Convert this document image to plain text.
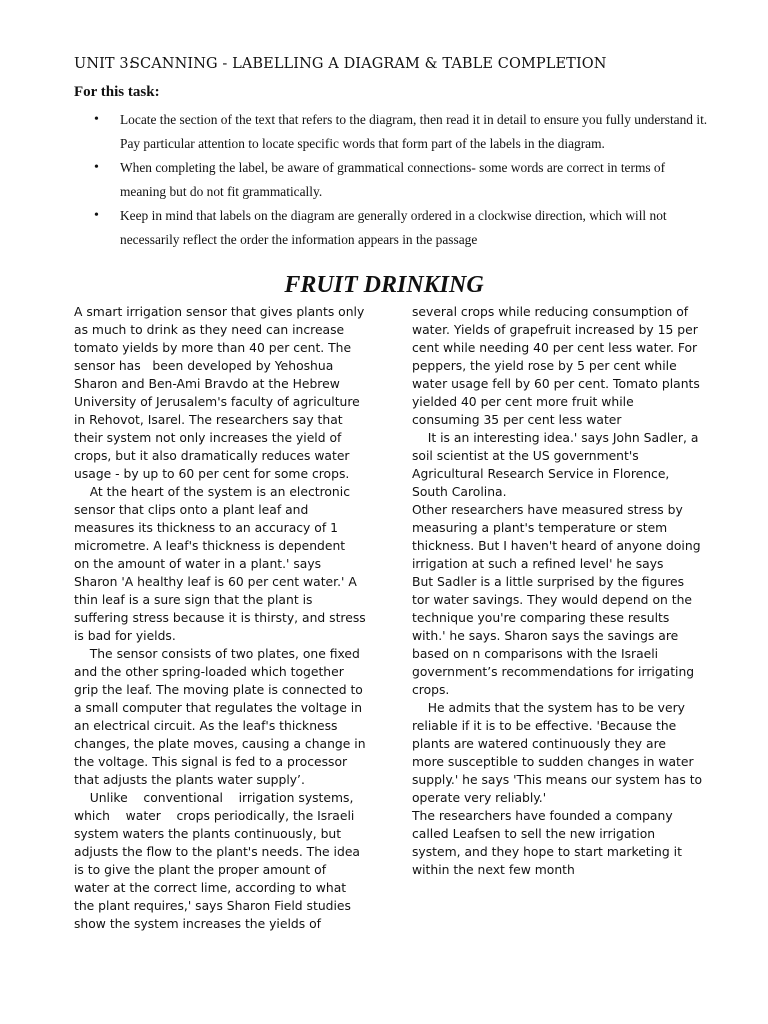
UNIT 3:SCANNING - LABELLING A DIAGRAM & TABLE COMPLETION
For this task:
• Locate the section of the text that refers to the diagram, then read it in detail to ensure you fully understand it. Pay particular attention to locate specific words that form part of the labels in the diagram.
• When completing the label, be aware of grammatical connections- some words are correct in terms of meaning but do not fit grammatically.
• Keep in mind that labels on the diagram are generally ordered in a clockwise direction, which will not necessarily reflect the order the information appears in the passage
FRUIT DRINKING

A smart irrigation sensor that gives plants only

as much to drink as they need can increase

tomato yields by more than 40 per cent. The

sensor has   been developed by Yehoshua

Sharon and Ben-Ami Bravdo at the Hebrew

University of Jerusalem's faculty of agriculture

in Rehovot, Isarel. The researchers say that

their system not only increases the yield of

crops, but it also dramatically reduces water

usage - by up to 60 per cent for some crops.

At the heart of the system is an electronic

sensor that clips onto a plant leaf and

measures its thickness to an accuracy of 1

micrometre. A leaf's thickness is dependent

on the amount of water in a plant.' says

Sharon 'A healthy leaf is 60 per cent water.' A

thin leaf is a sure sign that the plant is

suffering stress because it is thirsty, and stress

is bad for yields.

The sensor consists of two plates, one fixed

and the other spring-loaded which together

grip the leaf. The moving plate is connected to

a small computer that regulates the voltage in

an electrical circuit. As the leaf's thickness

changes, the plate moves, causing a change in

the voltage. This signal is fed to a processor

that adjusts the plants water supply’.

Unlike    conventional    irrigation systems,

which    water    crops periodically, the Israeli

system waters the plants continuously, but

adjusts the flow to the plant's needs. The idea

is to give the plant the proper amount of

water at the correct lime, according to what

the plant requires,' says Sharon Field studies

show the system increases the yields of

several crops while reducing consumption of

water. Yields of grapefruit increased by 15 per

cent while needing 40 per cent less water. For

peppers, the yield rose by 5 per cent while

water usage fell by 60 per cent. Tomato plants

yielded 40 per cent more fruit while

consuming 35 per cent less water

It is an interesting idea.' says John Sadler, a

soil scientist at the US government's

Agricultural Research Service in Florence,

South Carolina.

Other researchers have measured stress by

measuring a plant's temperature or stem

thickness. But I haven't heard of anyone doing

irrigation at such a refined level' he says

But Sadler is a little surprised by the figures

tor water savings. They would depend on the

technique you're comparing these results

with.' he says. Sharon says the savings are

based on n comparisons with the Israeli

government’s recommendations for irrigating

crops.

He admits that the system has to be very

reliable if it is to be effective. 'Because the

plants are watered continuously they are

more susceptible to sudden changes in water

supply.' he says 'This means our system has to

operate very reliably.'

The researchers have founded a company

called Leafsen to sell the new irrigation

system, and they hope to start marketing it

within the next few month
